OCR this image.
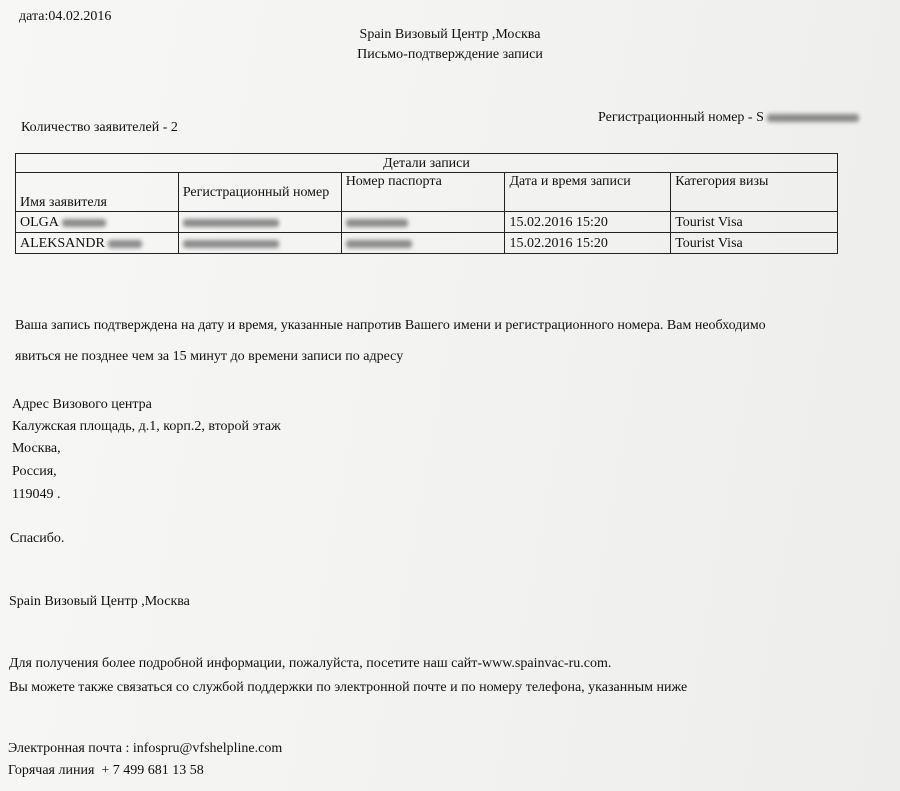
дата:04.02.2016
Spain Визовый Центр ,Москва
Письмо-подтверждение записи
Количество заявителей - 2
Регистрационный номер - S
Детали записи				
Имя заявителя	Регистрационный номер	Номер паспорта	Дата и время записи	Категория визы
OLGA			15.02.2016 15:20	Tourist Visa
ALEKSANDR			15.02.2016 15:20	Tourist Visa
Ваша запись подтверждена на дату и время, указанные напротив Вашего имени и регистрационного номера. Вам необходимо
явиться не позднее чем за 15 минут до времени записи по адресу
Адрес Визового центра
Калужская площадь, д.1, корп.2, второй этаж
Москва,
Россия,
119049 .
Спасибо.
Spain Визовый Центр ,Москва
Для получения более подробной информации, пожалуйста, посетите наш сайт-www.spainvac-ru.com.
Вы можете также связаться со службой поддержки по электронной почте и по номеру телефона, указанным ниже
Электронная почта : infospru@vfshelpline.com
Горячая линия  + 7 499 681 13 58
